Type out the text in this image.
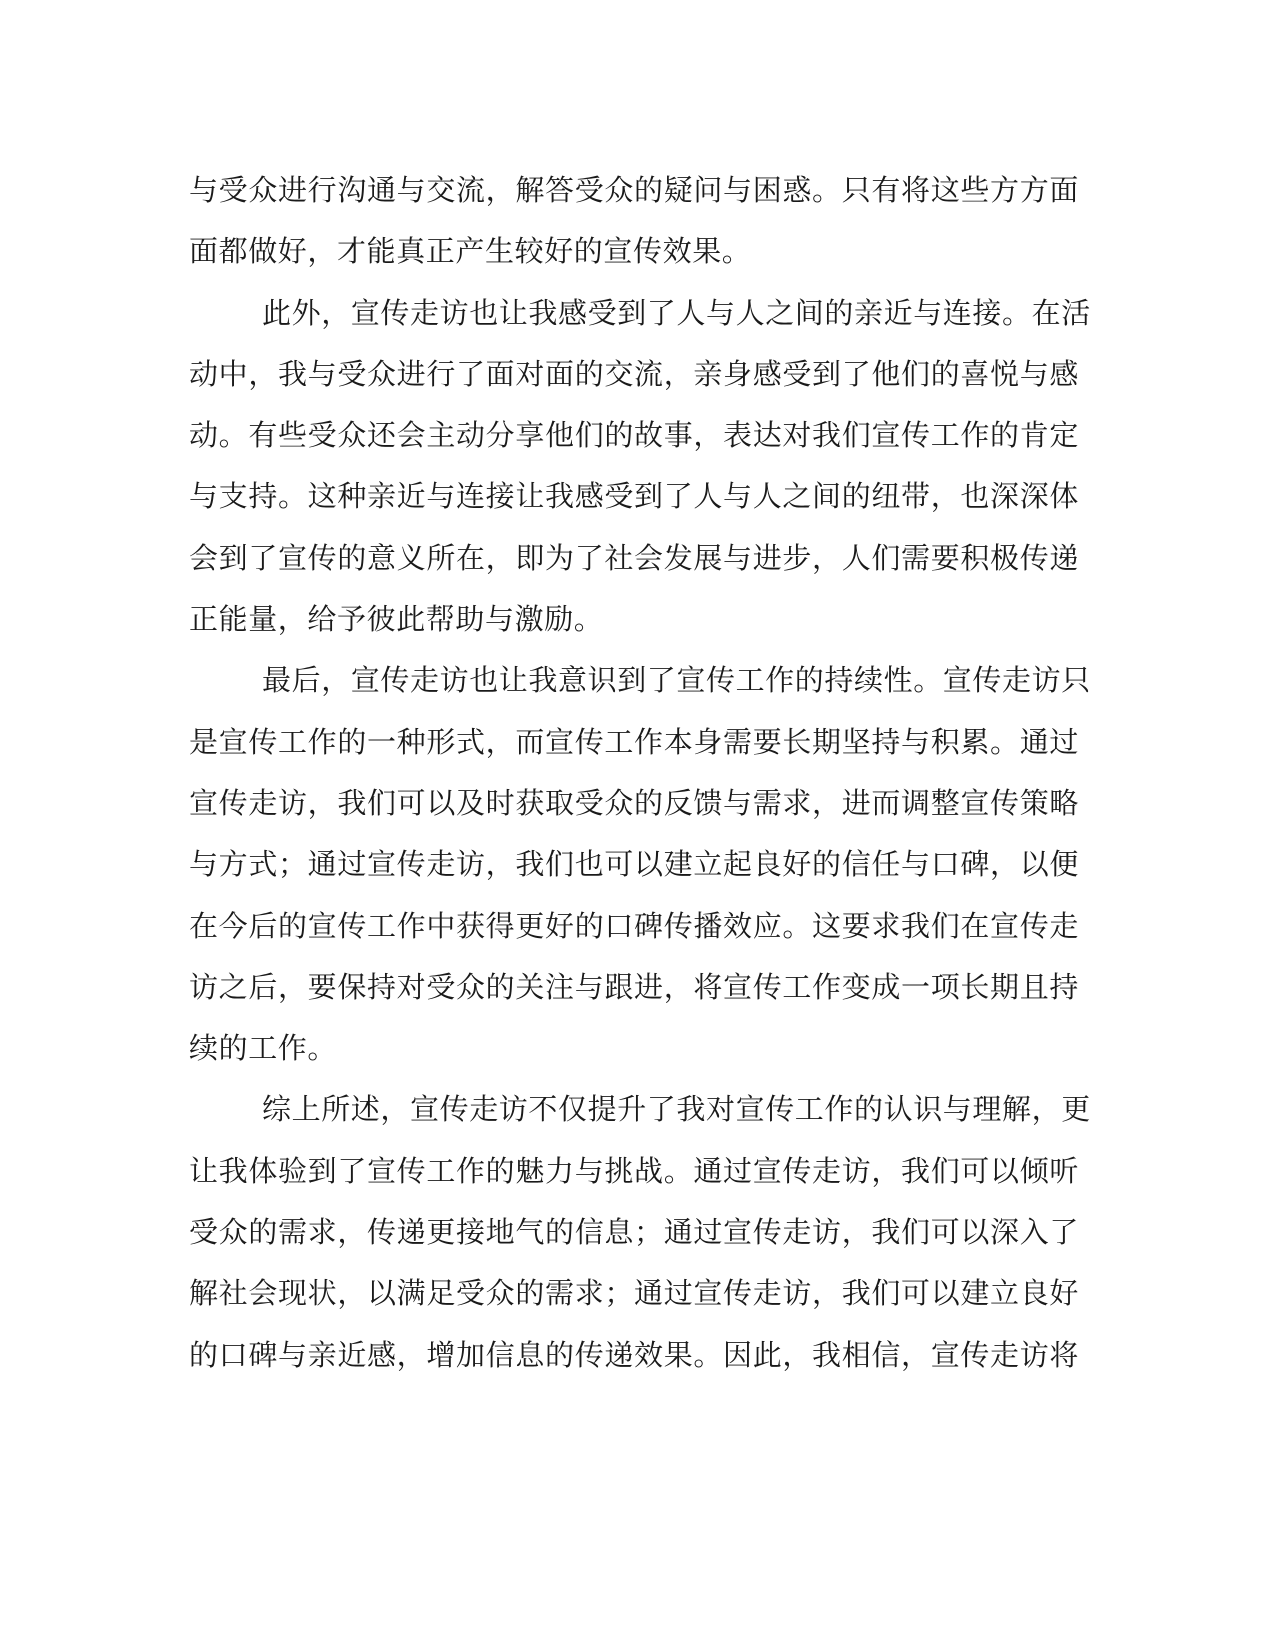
与受众进行沟通与交流，解答受众的疑问与困惑。只有将这些方方面
面都做好，才能真正产生较好的宣传效果。
此外，宣传走访也让我感受到了人与人之间的亲近与连接。在活
动中，我与受众进行了面对面的交流，亲身感受到了他们的喜悦与感
动。有些受众还会主动分享他们的故事，表达对我们宣传工作的肯定
与支持。这种亲近与连接让我感受到了人与人之间的纽带，也深深体
会到了宣传的意义所在，即为了社会发展与进步，人们需要积极传递
正能量，给予彼此帮助与激励。
最后，宣传走访也让我意识到了宣传工作的持续性。宣传走访只
是宣传工作的一种形式，而宣传工作本身需要长期坚持与积累。通过
宣传走访，我们可以及时获取受众的反馈与需求，进而调整宣传策略
与方式；通过宣传走访，我们也可以建立起良好的信任与口碑，以便
在今后的宣传工作中获得更好的口碑传播效应。这要求我们在宣传走
访之后，要保持对受众的关注与跟进，将宣传工作变成一项长期且持
续的工作。
综上所述，宣传走访不仅提升了我对宣传工作的认识与理解，更
让我体验到了宣传工作的魅力与挑战。通过宣传走访，我们可以倾听
受众的需求，传递更接地气的信息；通过宣传走访，我们可以深入了
解社会现状，以满足受众的需求；通过宣传走访，我们可以建立良好
的口碑与亲近感，增加信息的传递效果。因此，我相信，宣传走访将
